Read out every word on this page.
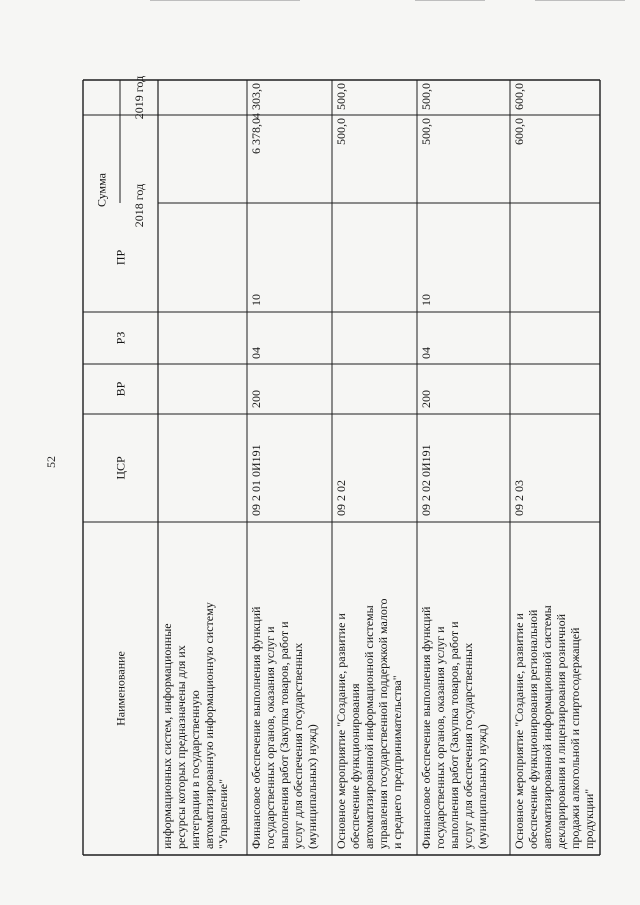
52
Наименование
ЦСР
ВР
РЗ
ПР
Сумма 2018 год
2019 год
информационных систем, информационные ресурсы которых предназначены для их интеграции в государственную автоматизированную информационную систему "Управление" Финансовое обеспечение выполнения функций государственных органов, оказания услуг и выполнения работ (Закупка товаров, работ и услуг для обеспечения государственных (муниципальных) нужд)
09 2 01 0И191
200
04
10
6 378,0
4 303,0
Основное мероприятие "Создание, развитие и обеспечение функционирования автоматизированной информационной системы управления государственной поддержкой малого и среднего предпринимательства"
09 2 02
500,0
500,0
Финансовое обеспечение выполнения функций государственных органов, оказания услуг и выполнения работ (Закупка товаров, работ и услуг для обеспечения государственных (муниципальных) нужд)
09 2 02 0И191
200
04
10
500,0
500,0
Основное мероприятие "Создание, развитие и обеспечение функционирования региональной автоматизированной информационной системы декларирования и лицензирования розничной продажи алкогольной и спиртосодержащей продукции"
09 2 03
600,0
600,0
